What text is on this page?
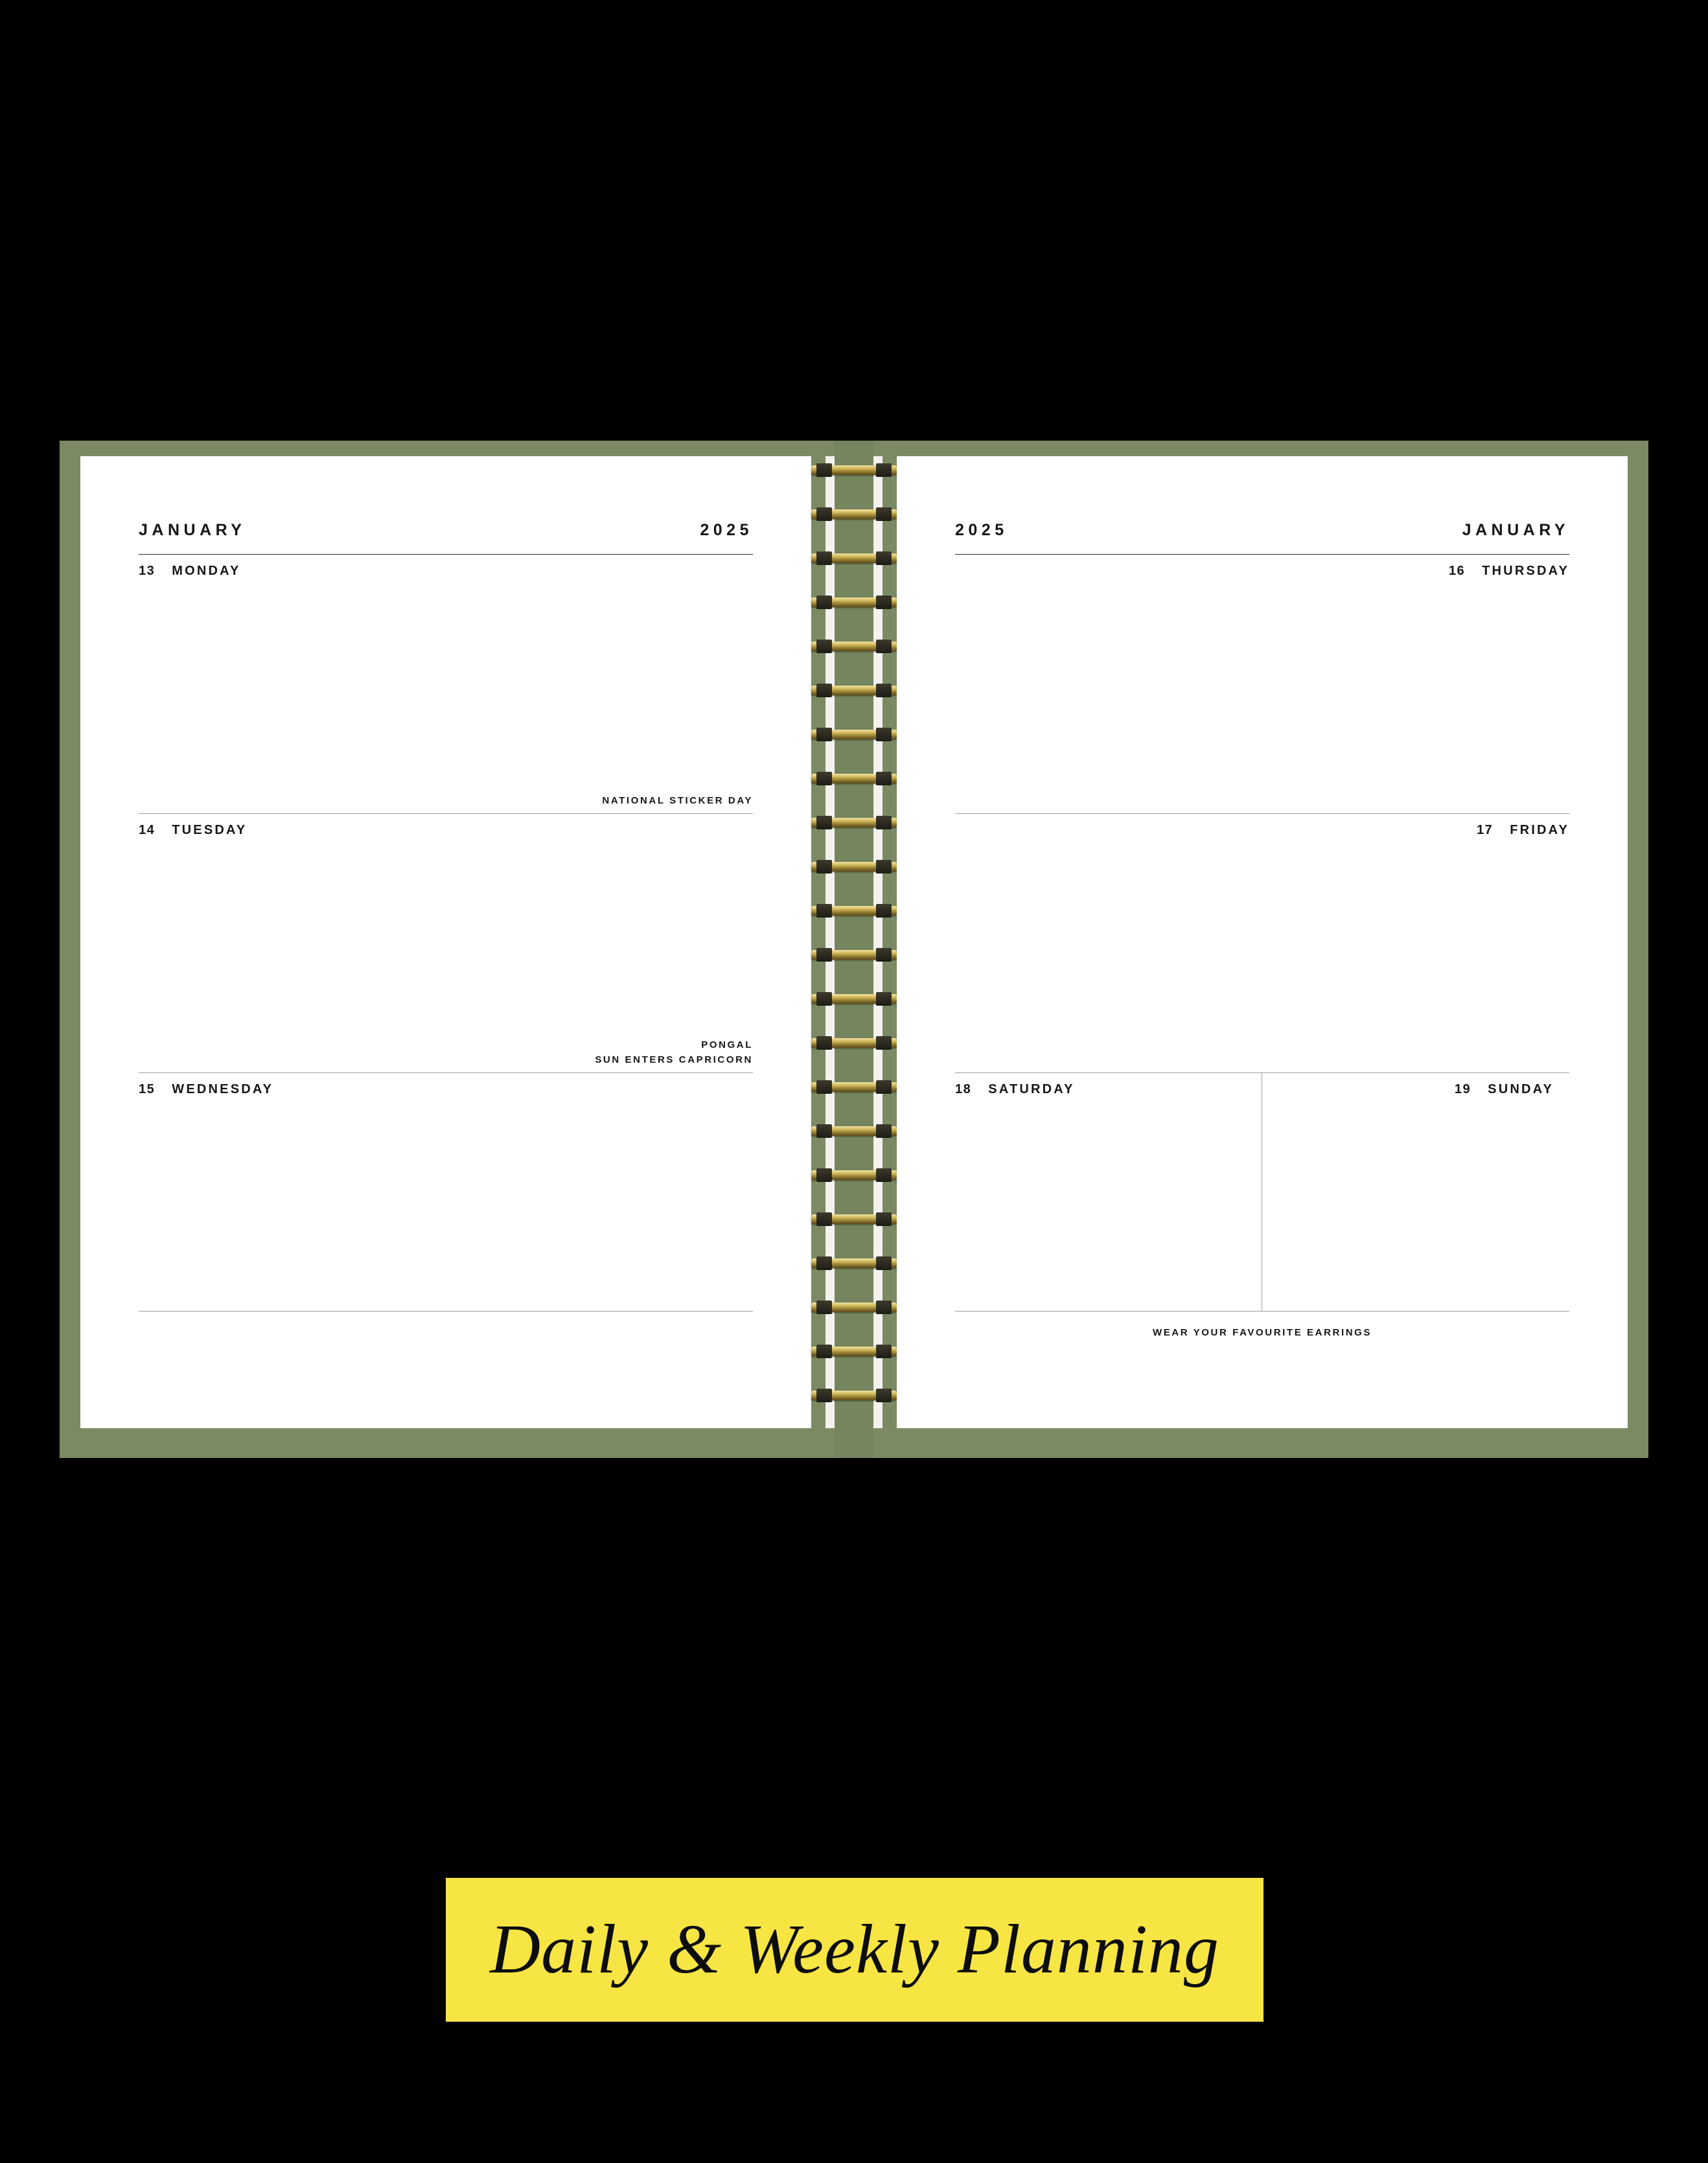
JANUARY	2025
13 MONDAY
NATIONAL STICKER DAY
14 TUESDAY
PONGAL
SUN ENTERS CAPRICORN
15 WEDNESDAY
2025	JANUARY
16 THURSDAY
17 FRIDAY
18 SATURDAY	19 SUNDAY
WEAR YOUR FAVOURITE EARRINGS
Daily & Weekly Planning
